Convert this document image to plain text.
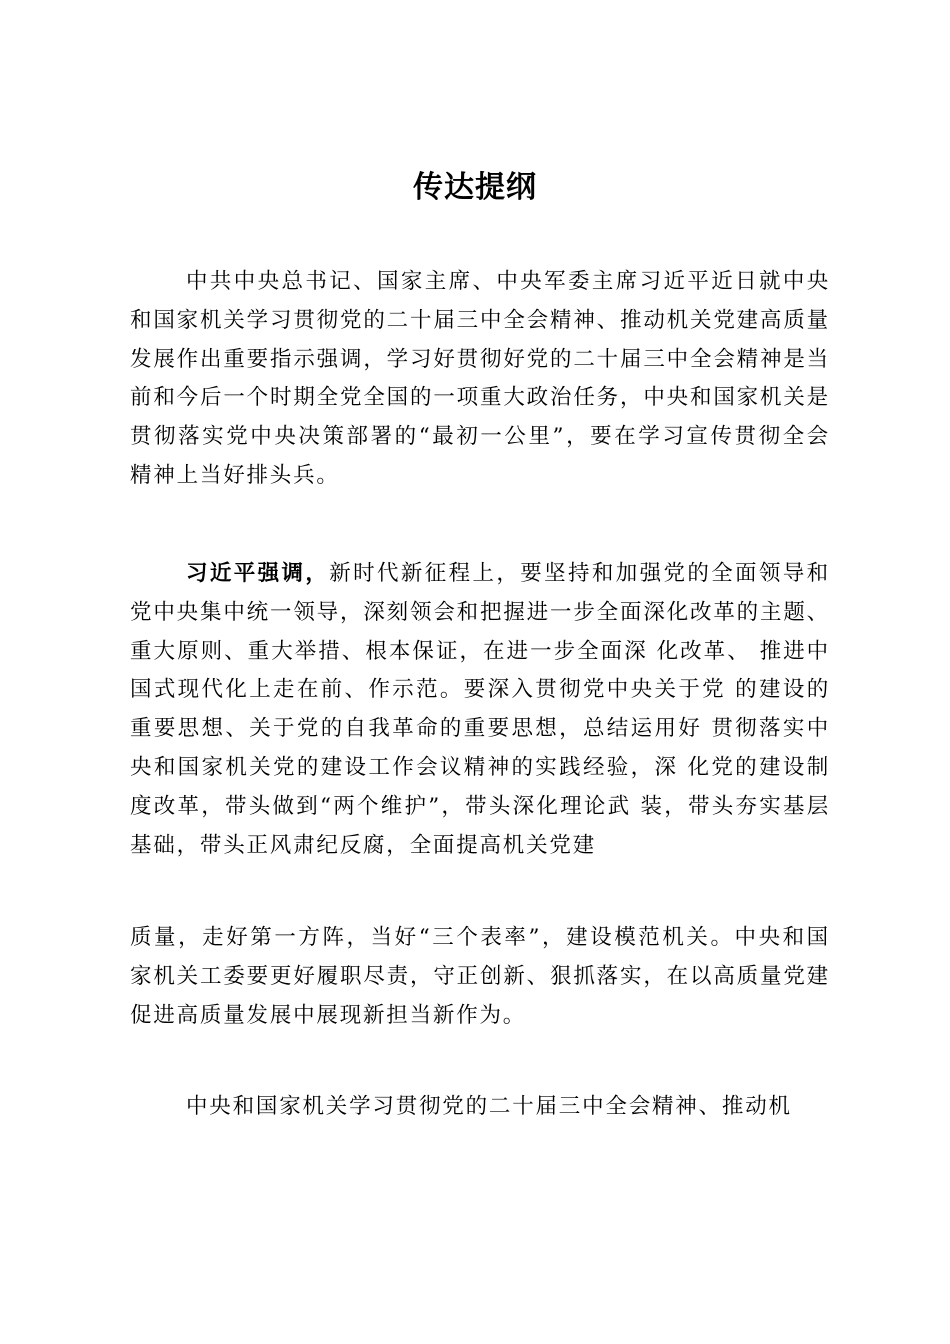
传达提纲

中共中央总书记、国家主席、中央军委主席习近平近日就中央和国家机关学习贯彻党的二十届三中全会精神、推动机关党建高质量发展作出重要指示强调，学习好贯彻好党的二十届三中全会精神是当前和今后一个时期全党全国的一项重大政治任务，中央和国家机关是贯彻落实党中央决策部署的“最初一公里”，要在学习宣传贯彻全会精神上当好排头兵。

习近平强调，新时代新征程上，要坚持和加强党的全面领导和党中央集中统一领导，深刻领会和把握进一步全面深化改革的主题、重大原则、重大举措、根本保证，在进一步全面深 化改革、 推进中国式现代化上走在前、作示范。要深入贯彻党中央关于党 的建设的重要思想、关于党的自我革命的重要思想，总结运用好 贯彻落实中央和国家机关党的建设工作会议精神的实践经验，深 化党的建设制度改革，带头做到“两个维护”，带头深化理论武 装，带头夯实基层基础，带头正风肃纪反腐，全面提高机关党建

质量，走好第一方阵，当好“三个表率”，建设模范机关。中央和国家机关工委要更好履职尽责，守正创新、狠抓落实，在以高质量党建促进高质量发展中展现新担当新作为。

中央和国家机关学习贯彻党的二十届三中全会精神、推动机
